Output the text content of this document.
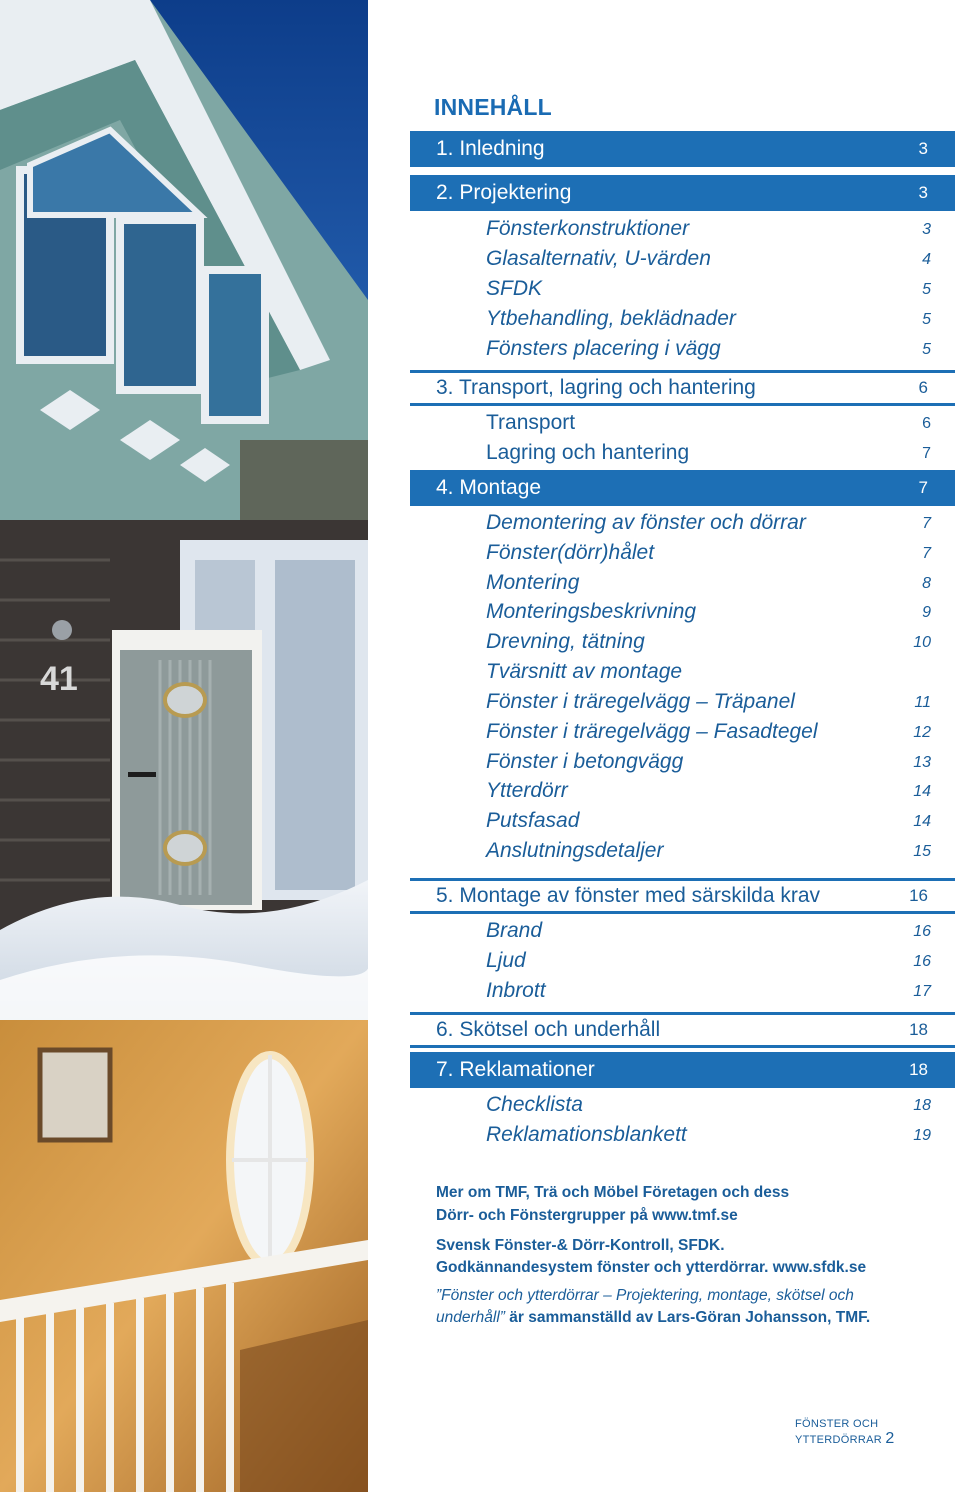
41
INNEHÅLL
1. Inledning	3
2. Projektering	3
Fönsterkonstruktioner	3
Glasalternativ, U-värden	4
SFDK	5
Ytbehandling, beklädnader	5
Fönsters placering i vägg	5
3. Transport, lagring och hantering	6
Transport	6
Lagring och hantering	7
4. Montage	7
Demontering av fönster och dörrar	7
Fönster(dörr)hålet	7
Montering	8
Monteringsbeskrivning	9
Drevning, tätning	10
Tvärsnitt av montage
Fönster i träregelvägg – Träpanel	11
Fönster i träregelvägg – Fasadtegel	12
Fönster i betongvägg	13
Ytterdörr	14
Putsfasad	14
Anslutningsdetaljer	15
5. Montage av fönster med särskilda krav	16
Brand	16
Ljud	16
Inbrott	17
6. Skötsel och underhåll	18
7. Reklamationer	18
Checklista	18
Reklamationsblankett	19
Mer om TMF, Trä och Möbel Företagen och dess
Dörr- och Fönstergrupper på www.tmf.se
Svensk Fönster-& Dörr-Kontroll, SFDK.
Godkännandesystem fönster och ytterdörrar. www.sfdk.se
”Fönster och ytterdörrar – Projektering, montage, skötsel och
underhåll” är sammanställd av Lars-Göran Johansson, TMF.
FÖNSTER OCH YTTERDÖRRAR 2
